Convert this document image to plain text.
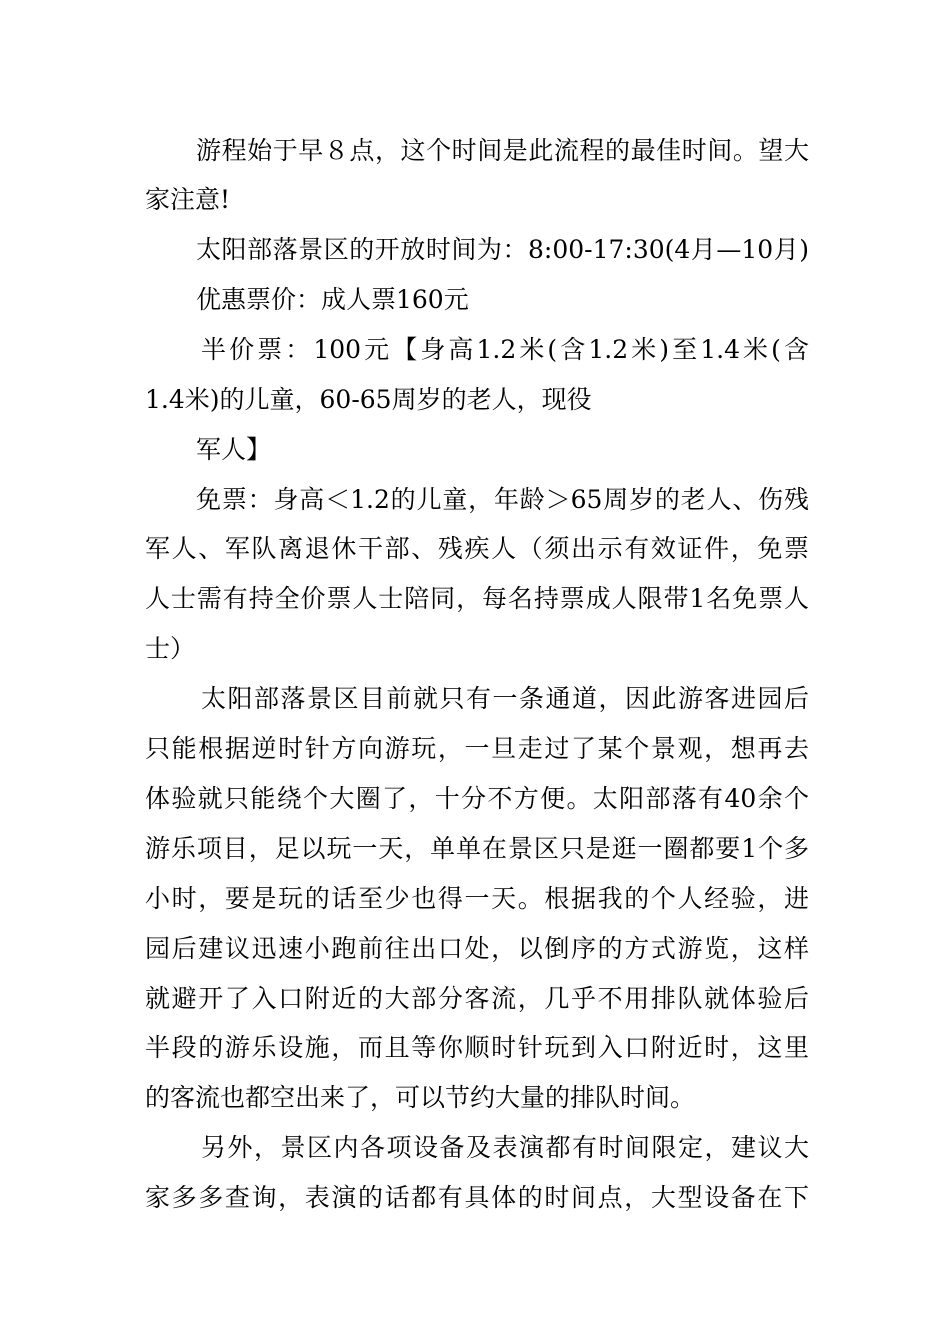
游程始于早８点，这个时间是此流程的最佳时间。望大
家注意!
太阳部落景区的开放时间为：8:00-17:30(4月—10月)
优惠票价：成人票160元
半价票：100元【身高1.2米(含1.2米)至1.4米(含
1.4米)的儿童，60-65周岁的老人，现役
军人】
免票：身高＜1.2的儿童，年龄＞65周岁的老人、伤残
军人、军队离退休干部、残疾人（须出示有效证件，免票
人士需有持全价票人士陪同，每名持票成人限带1名免票人
士）
太阳部落景区目前就只有一条通道，因此游客进园后
只能根据逆时针方向游玩，一旦走过了某个景观，想再去
体验就只能绕个大圈了，十分不方便。太阳部落有40余个
游乐项目，足以玩一天，单单在景区只是逛一圈都要1个多
小时，要是玩的话至少也得一天。根据我的个人经验，进
园后建议迅速小跑前往出口处，以倒序的方式游览，这样
就避开了入口附近的大部分客流，几乎不用排队就体验后
半段的游乐设施，而且等你顺时针玩到入口附近时，这里
的客流也都空出来了，可以节约大量的排队时间。
另外，景区内各项设备及表演都有时间限定，建议大
家多多查询，表演的话都有具体的时间点，大型设备在下
